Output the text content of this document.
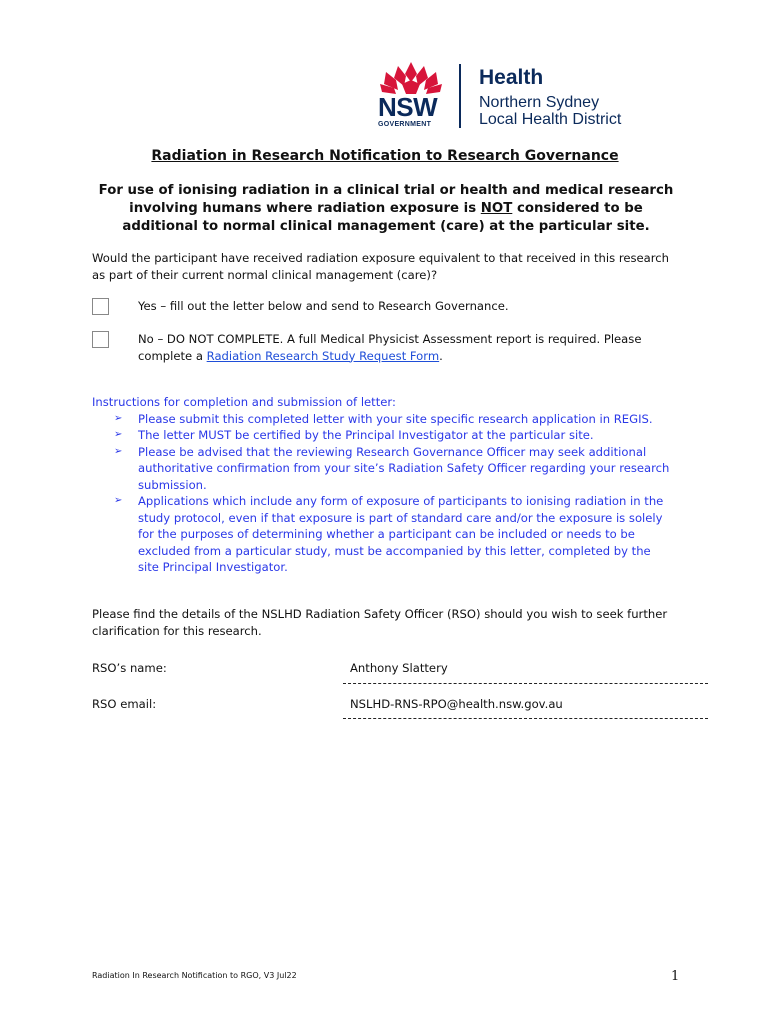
NSW
GOVERNMENT
Health
Northern Sydney
Local Health District
Radiation in Research Notification to Research Governance
For use of ionising radiation in a clinical trial or health and medical research involving humans where radiation exposure is NOT considered to be additional to normal clinical management (care) at the particular site.
Would the participant have received radiation exposure equivalent to that received in this research as part of their current normal clinical management (care)?
Yes – fill out the letter below and send to Research Governance.
No – DO NOT COMPLETE. A full Medical Physicist Assessment report is required. Please complete a Radiation Research Study Request Form.
Instructions for completion and submission of letter:
➢ Please submit this completed letter with your site specific research application in REGIS.
➢ The letter MUST be certified by the Principal Investigator at the particular site.
➢ Please be advised that the reviewing Research Governance Officer may seek additional authoritative confirmation from your site’s Radiation Safety Officer regarding your research submission.
➢ Applications which include any form of exposure of participants to ionising radiation in the study protocol, even if that exposure is part of standard care and/or the exposure is solely for the purposes of determining whether a participant can be included or needs to be excluded from a particular study, must be accompanied by this letter, completed by the site Principal Investigator.
Please find the details of the NSLHD Radiation Safety Officer (RSO) should you wish to seek further clarification for this research.
RSO’s name:	Anthony Slattery
RSO email:	NSLHD-RNS-RPO@health.nsw.gov.au
Radiation In Research Notification to RGO, V3 Jul22	1
